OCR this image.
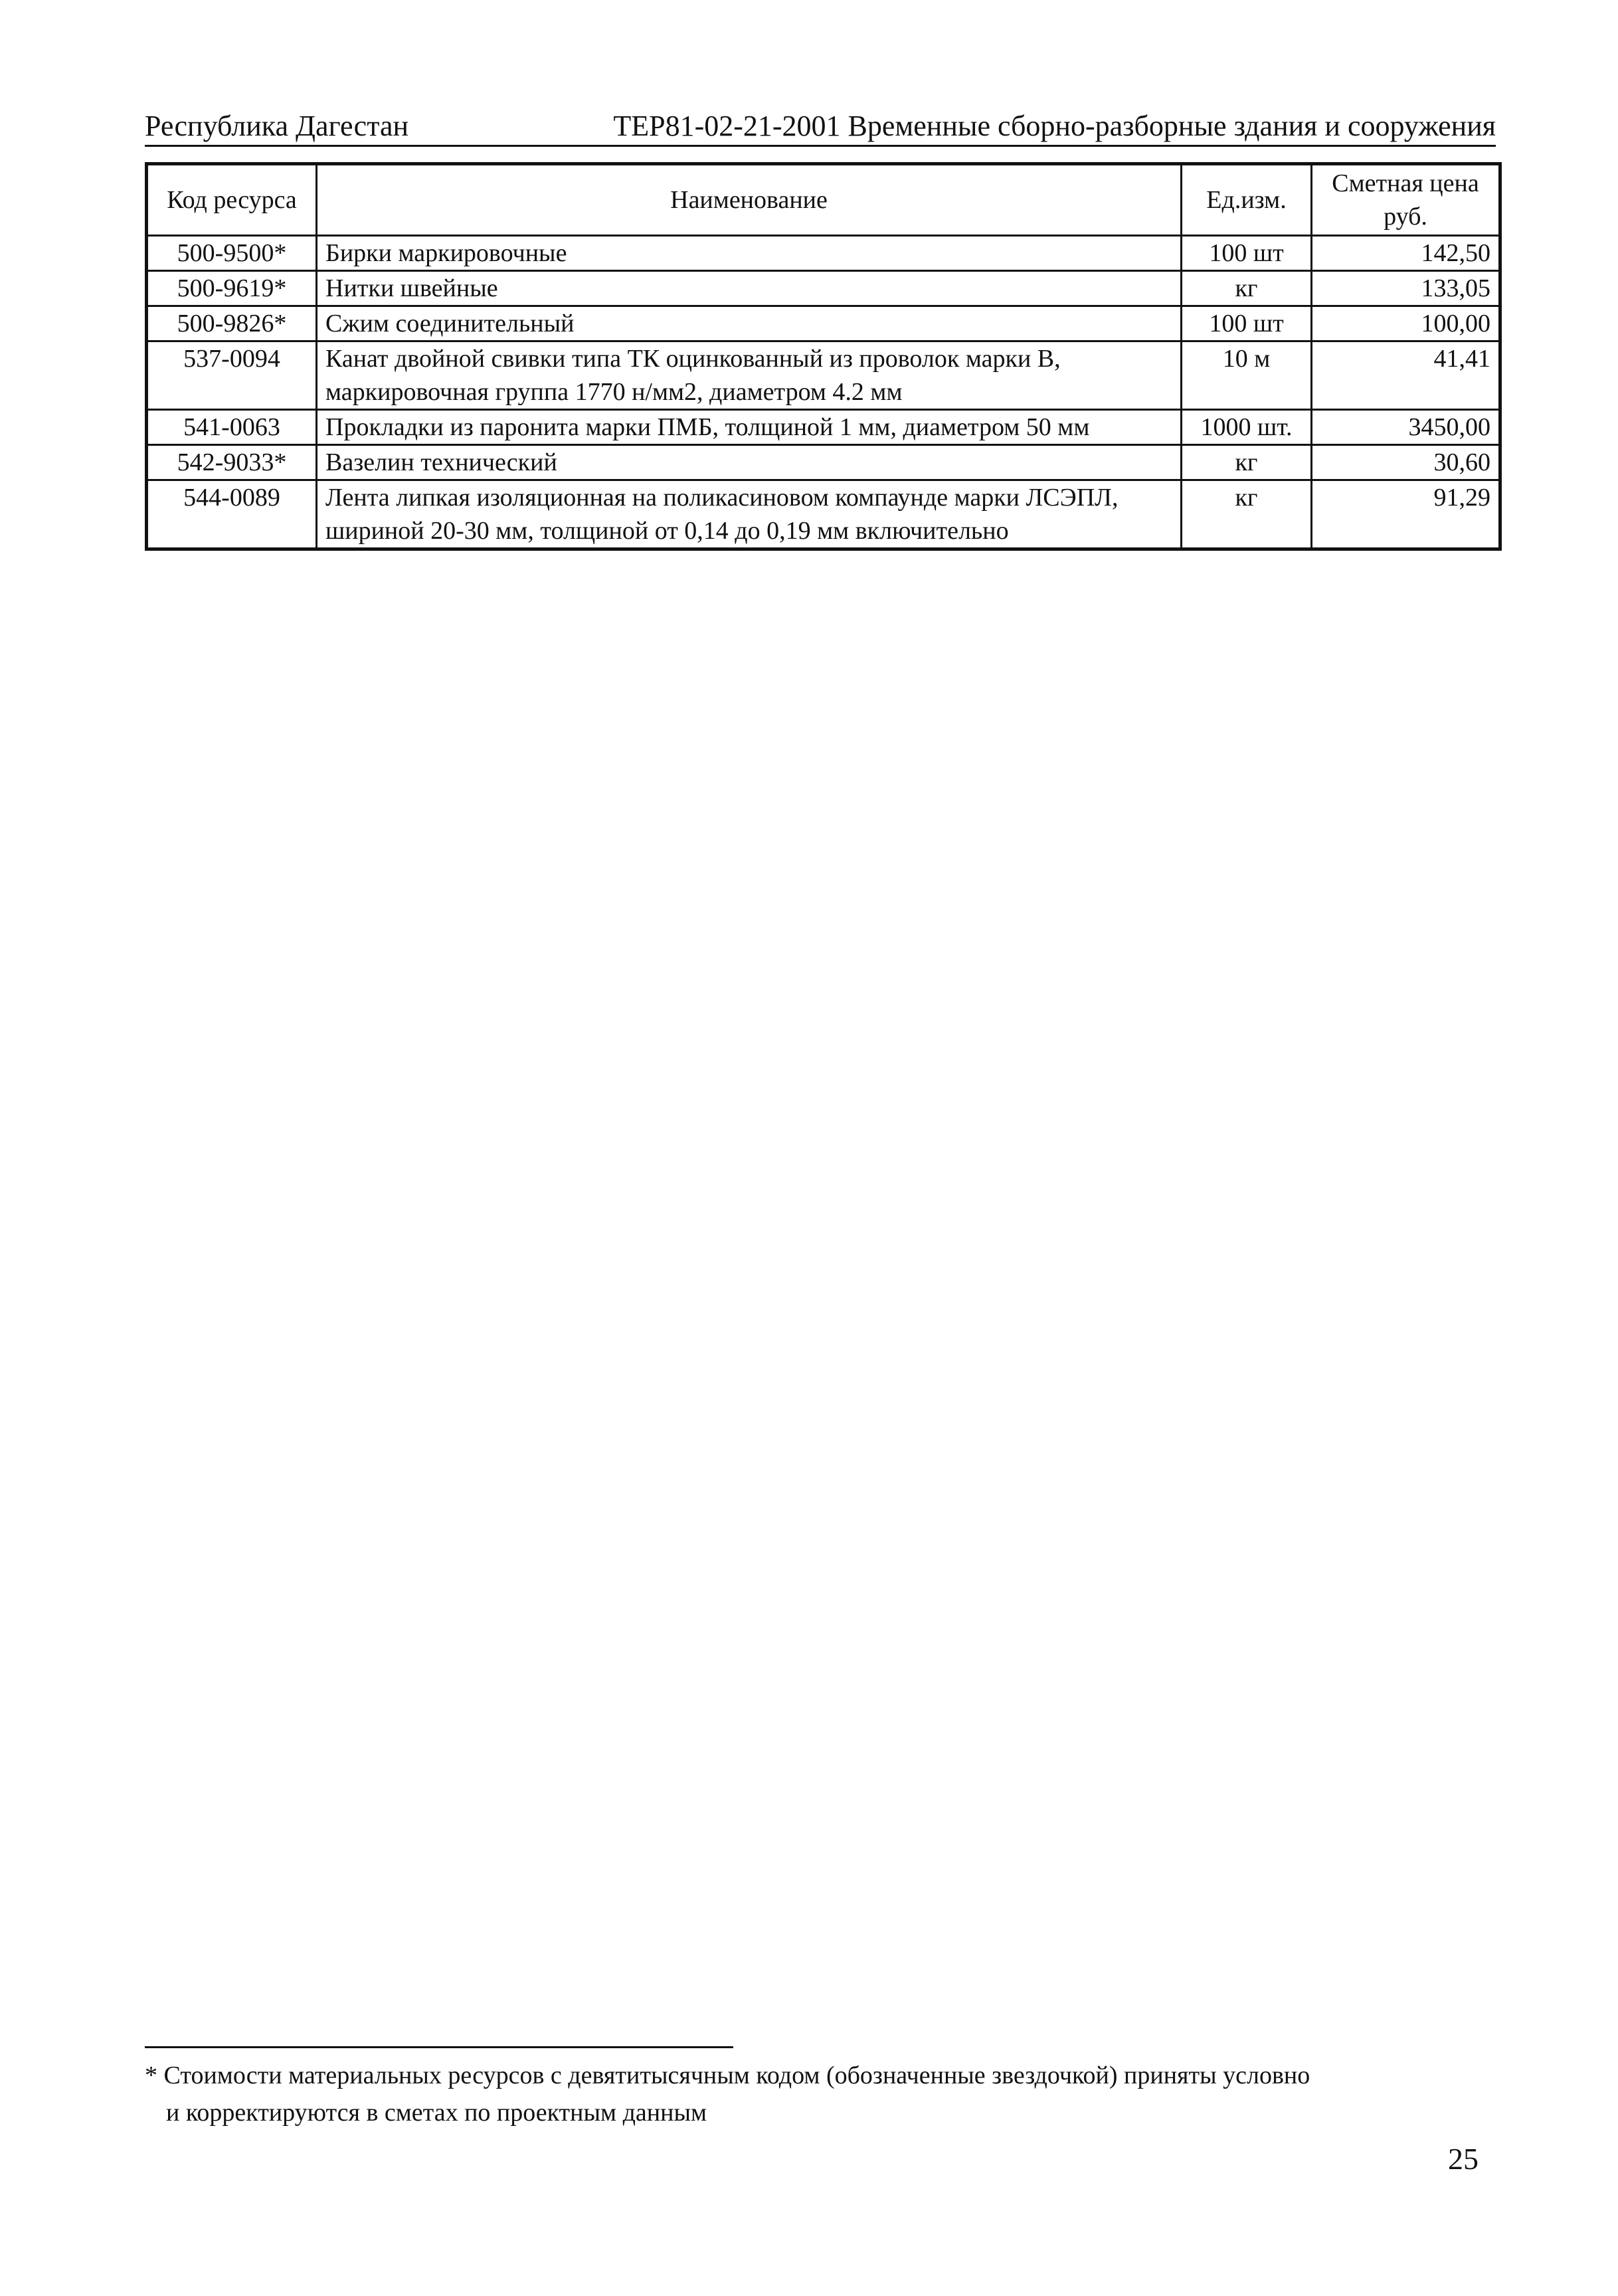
Республика Дагестан	ТЕР81-02-21-2001 Временные сборно-разборные здания и сооружения
Код ресурса	Наименование	Ед.изм.	Сметная цена руб.
500-9500*	Бирки маркировочные	100 шт	142,50
500-9619*	Нитки швейные	кг	133,05
500-9826*	Сжим соединительный	100 шт	100,00
537-0094	Канат двойной свивки типа ТК оцинкованный из проволок марки В, маркировочная группа 1770 н/мм2, диаметром 4.2 мм	10 м	41,41
541-0063	Прокладки из паронита марки ПМБ, толщиной 1 мм, диаметром 50 мм	1000 шт.	3450,00
542-9033*	Вазелин технический	кг	30,60
544-0089	Лента липкая изоляционная на поликасиновом компаунде марки ЛСЭПЛ, шириной 20-30 мм, толщиной от 0,14 до 0,19 мм включительно	кг	91,29
* Стоимости материальных ресурсов с девятитысячным кодом (обозначенные звездочкой) приняты условно
и корректируются в сметах по проектным данным
25
